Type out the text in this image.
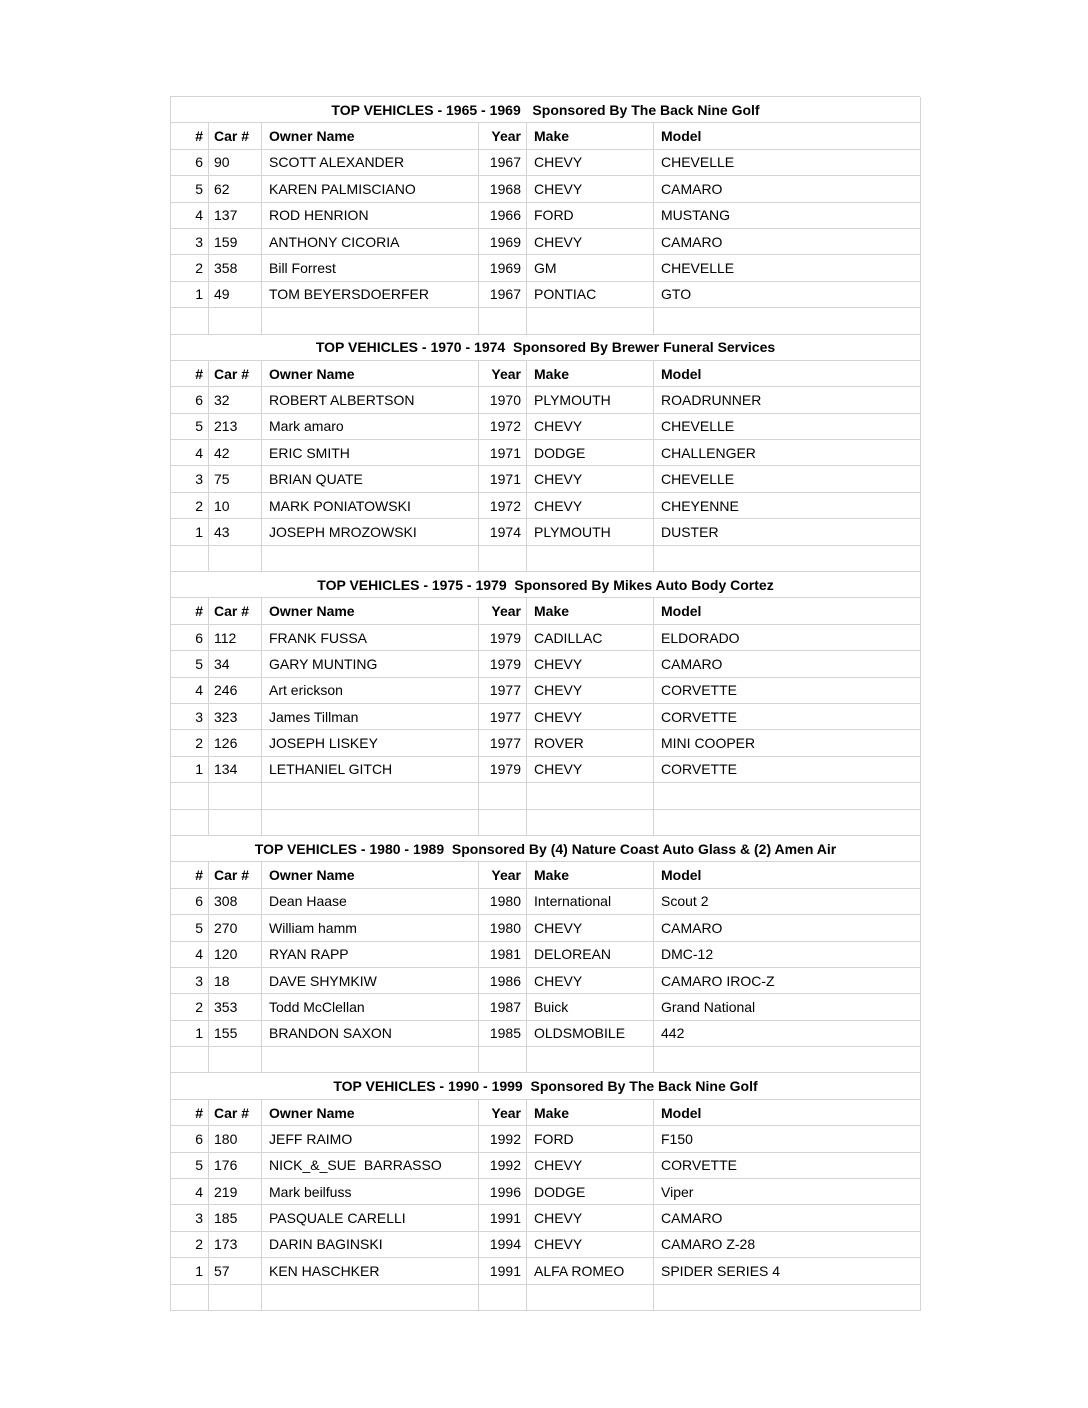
TOP VEHICLES - 1965 - 1969   Sponsored By The Back Nine Golf
# Car #	Owner Name	Year Make	Model
6 90	SCOTT ALEXANDER	1967 CHEVY	CHEVELLE
5 62	KAREN PALMISCIANO	1968 CHEVY	CAMARO
4 137	ROD HENRION	1966 FORD	MUSTANG
3 159	ANTHONY CICORIA	1969 CHEVY	CAMARO
2 358	Bill Forrest	1969 GM	CHEVELLE
1 49	TOM BEYERSDOERFER	1967 PONTIAC	GTO
TOP VEHICLES - 1970 - 1974  Sponsored By Brewer Funeral Services
# Car #	Owner Name	Year Make	Model
6 32	ROBERT ALBERTSON	1970 PLYMOUTH	ROADRUNNER
5 213	Mark amaro	1972 CHEVY	CHEVELLE
4 42	ERIC SMITH	1971 DODGE	CHALLENGER
3 75	BRIAN QUATE	1971 CHEVY	CHEVELLE
2 10	MARK PONIATOWSKI	1972 CHEVY	CHEYENNE
1 43	JOSEPH MROZOWSKI	1974 PLYMOUTH	DUSTER
TOP VEHICLES - 1975 - 1979  Sponsored By Mikes Auto Body Cortez
# Car #	Owner Name	Year Make	Model
6 112	FRANK FUSSA	1979 CADILLAC	ELDORADO
5 34	GARY MUNTING	1979 CHEVY	CAMARO
4 246	Art erickson	1977 CHEVY	CORVETTE
3 323	James Tillman	1977 CHEVY	CORVETTE
2 126	JOSEPH LISKEY	1977 ROVER	MINI COOPER
1 134	LETHANIEL GITCH	1979 CHEVY	CORVETTE
TOP VEHICLES - 1980 - 1989  Sponsored By (4) Nature Coast Auto Glass & (2) Amen Air
# Car #	Owner Name	Year Make	Model
6 308	Dean Haase	1980 International	Scout 2
5 270	William hamm	1980 CHEVY	CAMARO
4 120	RYAN RAPP	1981 DELOREAN	DMC-12
3 18	DAVE SHYMKIW	1986 CHEVY	CAMARO IROC-Z
2 353	Todd McClellan	1987 Buick	Grand National
1 155	BRANDON SAXON	1985 OLDSMOBILE	442
TOP VEHICLES - 1990 - 1999  Sponsored By The Back Nine Golf
# Car #	Owner Name	Year Make	Model
6 180	JEFF RAIMO	1992 FORD	F150
5 176	NICK_&_SUE  BARRASSO	1992 CHEVY	CORVETTE
4 219	Mark beilfuss	1996 DODGE	Viper
3 185	PASQUALE CARELLI	1991 CHEVY	CAMARO
2 173	DARIN BAGINSKI	1994 CHEVY	CAMARO Z-28
1 57	KEN HASCHKER	1991 ALFA ROMEO	SPIDER SERIES 4
